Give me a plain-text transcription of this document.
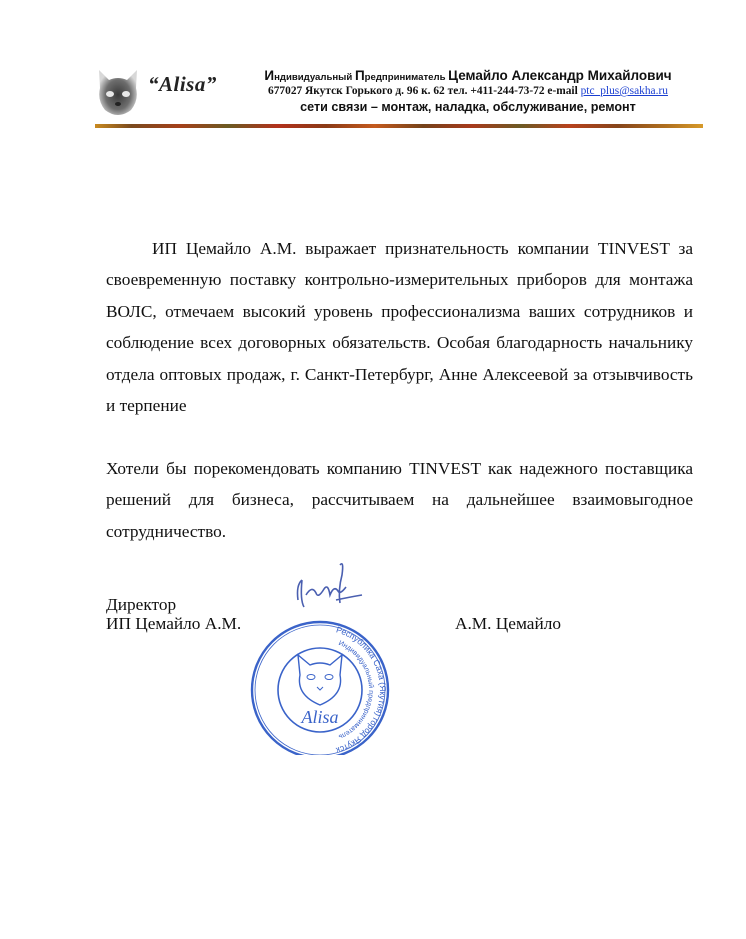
“Alisa”	Индивидуальный Предприниматель Цемайло Александр Михайлович
677027 Якутск Горького д. 96 к. 62 тел. +411-244-73-72 e-mail ptc_plus@sakha.ru
сети связи – монтаж, наладка, обслуживание, ремонт

ИП Цемайло А.М. выражает признательность компании TINVEST за своевременную поставку контрольно-измерительных приборов для монтажа ВОЛС, отмечаем высокий уровень профессионализма ваших сотрудников и соблюдение всех договорных обязательств. Особая благодарность начальнику отдела оптовых продаж, г. Санкт-Петербург, Анне Алексеевой за отзывчивость и терпение

Хотели бы порекомендовать компанию TINVEST как надежного поставщика решений для бизнеса, рассчитываем на дальнейшее взаимовыгодное сотрудничество.

Директор
ИП Цемайло А.М.	А.М. Цемайло
Республика Саха (Якутия) город Якутск
Индивидуальный предприниматель
Alisa
